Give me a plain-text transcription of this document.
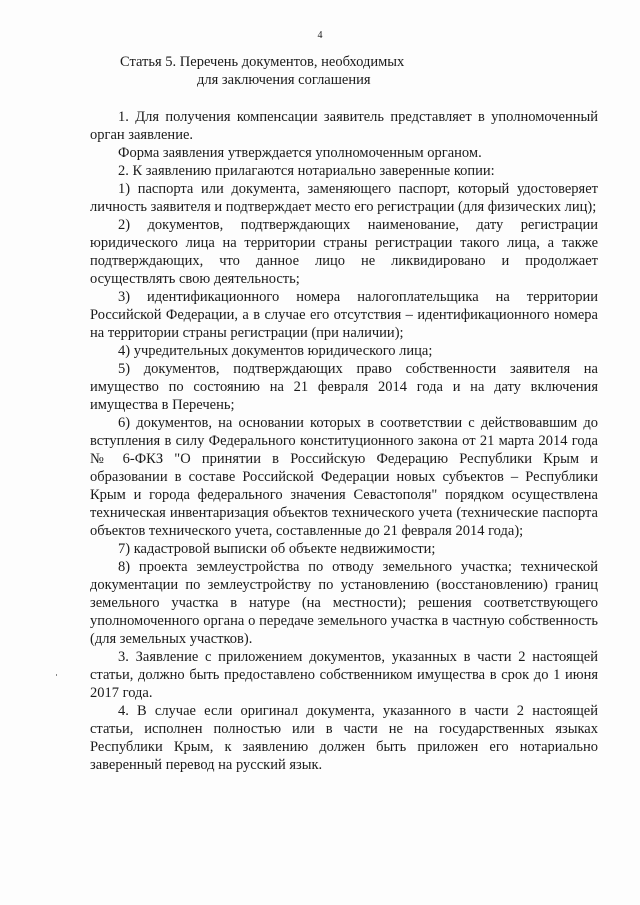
4
Статья 5. Перечень документов, необходимых
для заключения соглашения

1. Для получения компенсации заявитель представляет в уполномоченный орган заявление.

Форма заявления утверждается уполномоченным органом.

2. К заявлению прилагаются нотариально заверенные копии:

1) паспорта или документа, заменяющего паспорт, который удостоверяет личность заявителя и подтверждает место его регистрации (для физических лиц);

2) документов, подтверждающих наименование, дату регистрации юридического лица на территории страны регистрации такого лица, а также подтверждающих, что данное лицо не ликвидировано и продолжает осуществлять свою деятельность;

3) идентификационного номера налогоплательщика на территории Российской Федерации, а в случае его отсутствия – идентификационного номера на территории страны регистрации (при наличии);

4) учредительных документов юридического лица;

5) документов, подтверждающих право собственности заявителя на имущество по состоянию на 21 февраля 2014 года и на дату включения имущества в Перечень;

6) документов, на основании которых в соответствии с действовавшим до вступления в силу Федерального конституционного закона от 21 марта 2014 года № 6-ФКЗ "О принятии в Российскую Федерацию Республики Крым и образовании в составе Российской Федерации новых субъектов – Республики Крым и города федерального значения Севастополя" порядком осуществлена техническая инвентаризация объектов технического учета (технические паспорта объектов технического учета, составленные до 21 февраля 2014 года);

7) кадастровой выписки об объекте недвижимости;

8) проекта землеустройства по отводу земельного участка; технической документации по землеустройству по установлению (восстановлению) границ земельного участка в натуре (на местности); решения соответствующего уполномоченного органа о передаче земельного участка в частную собственность (для земельных участков).

3. Заявление с приложением документов, указанных в части 2 настоящей статьи, должно быть предоставлено собственником имущества в срок до 1 июня 2017 года.

4. В случае если оригинал документа, указанного в части 2 настоящей статьи, исполнен полностью или в части не на государственных языках Республики Крым, к заявлению должен быть приложен его нотариально заверенный перевод на русский язык.
